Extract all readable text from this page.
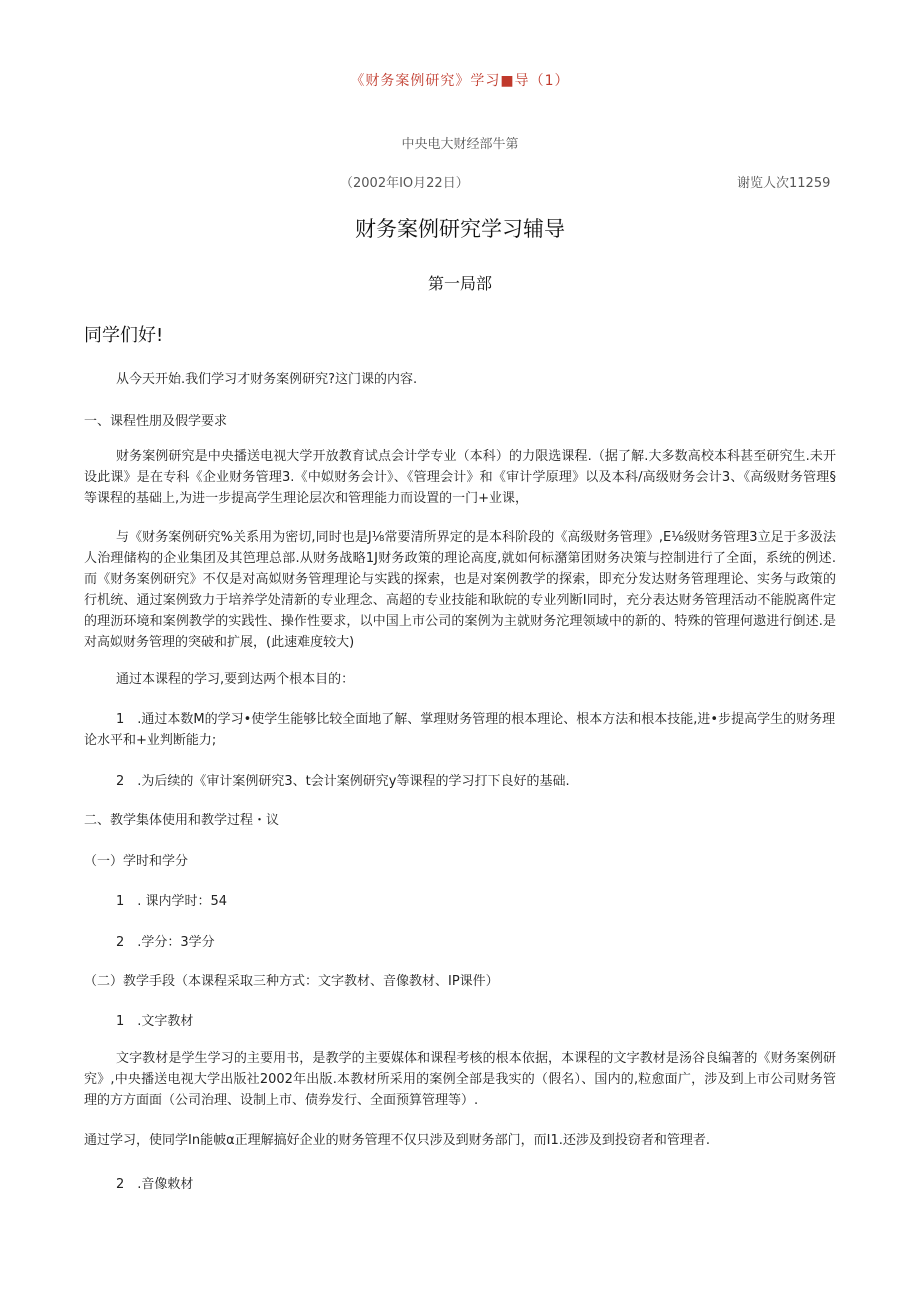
《财务案例研究》学习■导（1）
中央电大财经部牛第
（2002年IO月22日）	谢览人次11259
财务案例研究学习辅导
第一局部
同学们好!
从今天开始.我们学习才财务案例研究?这门课的内容.
一、课程性朋及假学要求
财务案例研究是中央播送电视大学开放教育试点会计学专业（本科）的力限选课程.（据了解.大多数高校本科甚至研究生.未开设此课》是在专科《企业财务管理3.《中姒财务会计》、《管理会计》和《审计学原理》以及本科/高级财务会计3、《高级财务管理§等课程的基础上,为进一步提高学生理论层次和管理能力而设置的一门+业课，
与《财务案例研究%关系用为密切,同时也是J⅛常要清所界定的是本科阶段的《高级财务管理》,E⅛级财务管理3立足于多汲法人治理储构的企业集团及其笆理总部.从财务战略1J财务政策的理论高度,就如何标潴第团财务决策与控制进行了全面，系统的例述.而《财务案例研究》不仅是对高姒财务管理理论与实践的探索，也是对案例教学的探索，即充分发达财务管理理论、实务与政策的行机统、通过案例致力于培养学处清新的专业理念、高超的专业技能和耿皖的专业列断I同时，充分表达财务管理活动不能脱离件定的理沥环境和案例教学的实践性、操作性要求，以中国上市公司的案例为主就财务沱理领域中的新的、特殊的管理何遨进行倒述.是对高姒财务管理的突破和扩展，(此速难度较大)
通过本课程的学习,要到达两个根本目的：
1　.通过本数M的学习•使学生能够比较全面地了解、掌理财务管理的根本理论、根本方法和根本技能,进•步提高学生的财务理论水平和+业判断能力;
2　.为后续的《审计案例研究3、t会计案例研究y等课程的学习打下良好的基础.
二、教学集体使用和教学过程・议
（一）学时和学分
1　. 课内学时：54
2　.学分：3学分
（二）教学手段（本课程采取三种方式：文字教材、音像教材、IP课件）
1　.文字教材
文字教材是学生学习的主要用书，是教学的主要媒体和课程考核的根本依据，本课程的文字教材是汤谷良编著的《财务案例研究》,中央播送电视大学出版社2002年出版.本教材所采用的案例全部是我实的（假名）、国内的,粒愈面广，涉及到上市公司财务管理的方方面面（公司治理、设制上市、债券发行、全面预算管理等）.
通过学习，使同学In能帔α正理解搞好企业的财务管理不仅只涉及到财务部门，而I1.还涉及到投窃者和管理者.
2　.音像敕材
